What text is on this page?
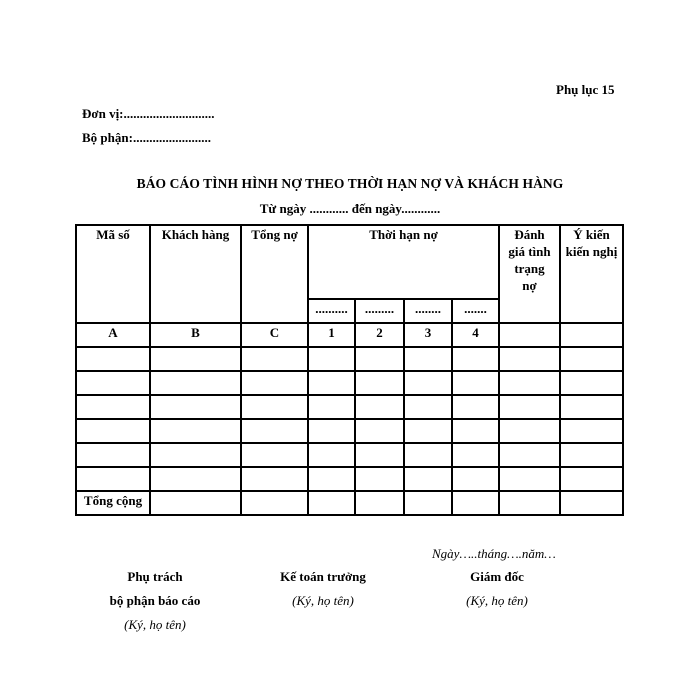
Phụ lục 15
Đơn vị:............................
Bộ phận:........................
BÁO CÁO TÌNH HÌNH NỢ THEO THỜI HẠN NỢ VÀ KHÁCH HÀNG
Từ ngày ............ đến ngày............
Mã số	Khách hàng	Tổng nợ	Thời hạn nợ				Đánh giá tình trạng nợ	Ý kiến kiến nghị
			..........	.........	........	.......		
A	B	C	1	2	3	4		

Tổng cộng								
Ngày…..tháng….năm…
Phụ trách
bộ phận báo cáo
(Ký, họ tên)
Kế toán trưởng
(Ký, họ tên)
Giám đốc
(Ký, họ tên)
